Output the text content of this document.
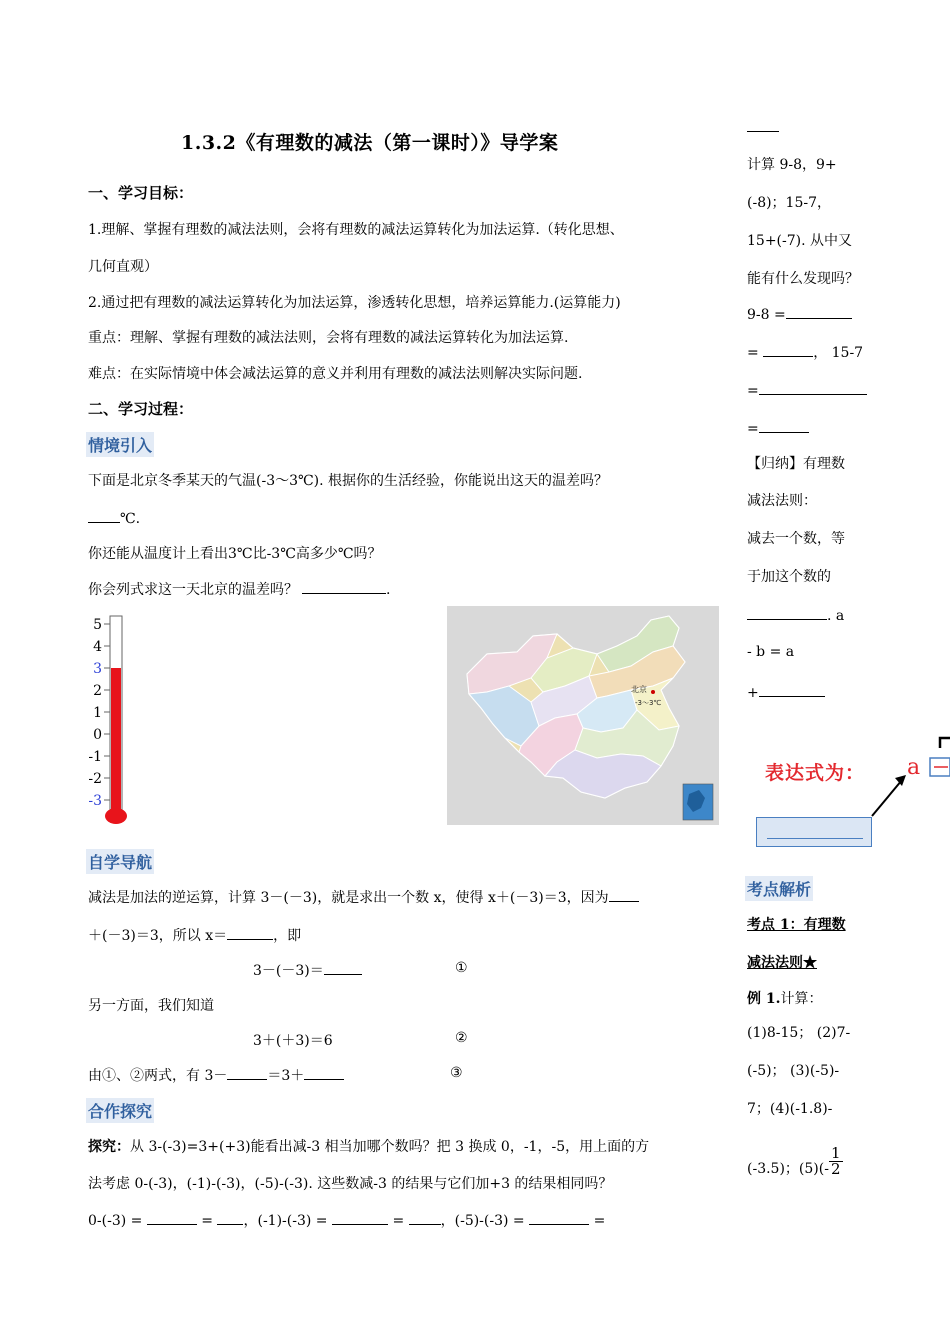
1.3.2《有理数的减法（第一课时）》导学案
一、学习目标：
1.理解、掌握有理数的减法法则，会将有理数的减法运算转化为加法运算.（转化思想、
几何直观）
2.通过把有理数的减法运算转化为加法运算，渗透转化思想，培养运算能力.(运算能力)
重点：理解、掌握有理数的减法法则，会将有理数的减法运算转化为加法运算.
难点：在实际情境中体会减法运算的意义并利用有理数的减法法则解决实际问题.
二、学习过程：
情境引入
下面是北京冬季某天的气温(-3～3℃). 根据你的生活经验，你能说出这天的温差吗？
℃.
你还能从温度计上看出3℃比-3℃高多少℃吗？
你会列式求这一天北京的温差吗？	.
5
4
3
2
1
0
-1
-2
-3
北京
-3～3℃
自学导航
减法是加法的逆运算，计算 3－(－3)，就是求出一个数 x，使得 x＋(－3)＝3，因为
＋(－3)＝3，所以 x＝	，即
3－(－3)＝	①
另一方面，我们知道
3＋(＋3)＝6	②
由①、②两式，有 3－	＝3＋	③
合作探究
探究：从 3-(-3)=3+(+3)能看出减-3 相当加哪个数吗？把 3 换成 0，-1，-5，用上面的方
法考虑 0-(-3)，(-1)-(-3)，(-5)-(-3). 这些数减-3 的结果与它们加+3 的结果相同吗？
0-(-3) =	= ，(-1)-(-3) =	=	，(-5)-(-3) =	=
计算 9-8，9+
(-8)；15-7，
15+(-7). 从中又
能有什么发现吗？
9-8 =
=	， 15-7
=
=
【归纳】有理数
减法法则：
减去一个数，等
于加这个数的
. a
- b = a
+
表达式为： a
考点解析
考点 1：有理数
减法法则★
例 1.计算：
(1)8-15； (2)7-
(-5)； (3)(-5)-
7；(4)(-1.8)-
(-3.5)；$(5)(- \frac{1}{2}$
